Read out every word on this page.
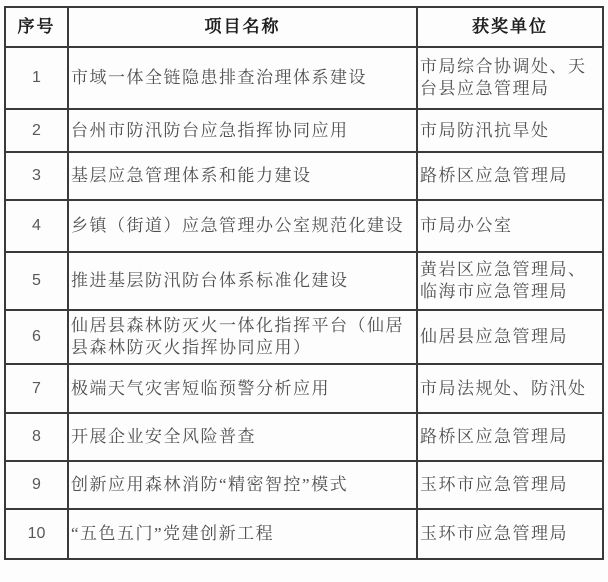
序号	项目名称	获奖单位
1	市域一体全链隐患排查治理体系建设	市局综合协调处、天台县应急管理局
2	台州市防汛防台应急指挥协同应用	市局防汛抗旱处
3	基层应急管理体系和能力建设	路桥区应急管理局
4	乡镇（街道）应急管理办公室规范化建设	市局办公室
5	推进基层防汛防台体系标准化建设	黄岩区应急管理局、临海市应急管理局
6	仙居县森林防灭火一体化指挥平台（仙居县森林防灭火指挥协同应用）	仙居县应急管理局
7	极端天气灾害短临预警分析应用	市局法规处、防汛处
8	开展企业安全风险普查	路桥区应急管理局
9	创新应用森林消防“精密智控”模式	玉环市应急管理局
10	“五色五门”党建创新工程	玉环市应急管理局
